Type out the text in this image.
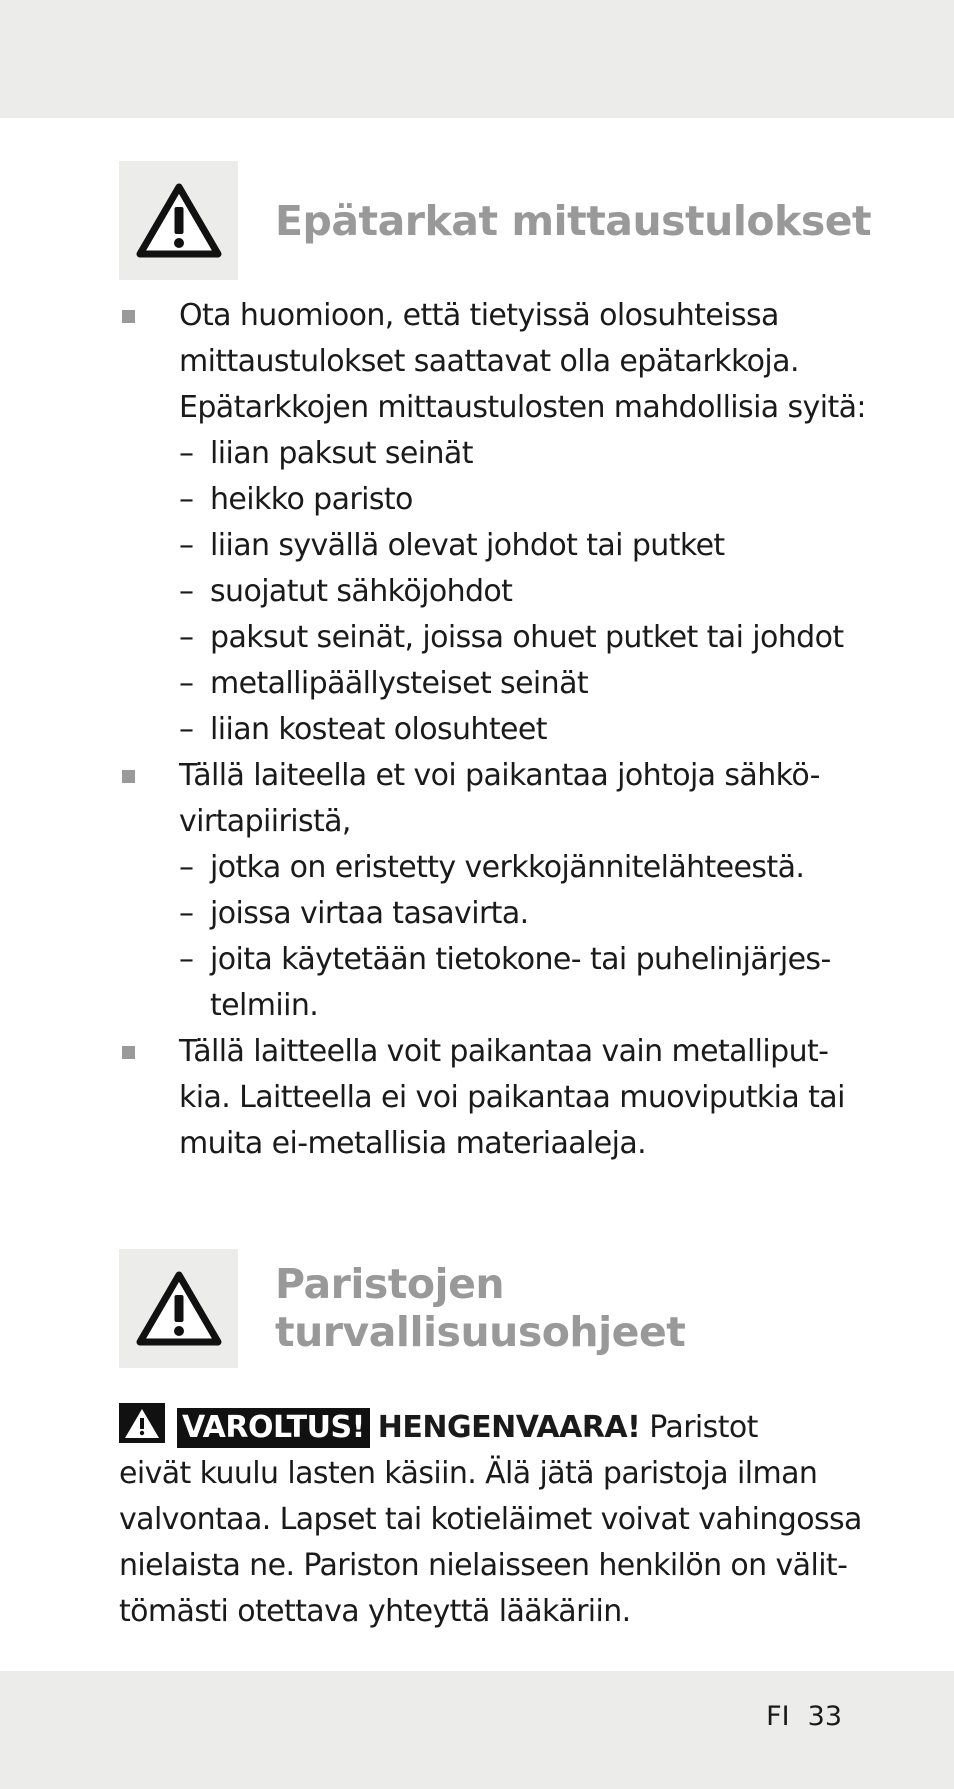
Epätarkat mittaustulokset
Ota huomioon, että tietyissä olosuhteissa
mittaustulokset saattavat olla epätarkkoja.
Epätarkkojen mittaustulosten mahdollisia syitä:
– liian paksut seinät
– heikko paristo
– liian syvällä olevat johdot tai putket
– suojatut sähköjohdot
– paksut seinät, joissa ohuet putket tai johdot
– metallipäällysteiset seinät
– liian kosteat olosuhteet
Tällä laiteella et voi paikantaa johtoja sähkö-
virtapiiristä,
– jotka on eristetty verkkojännitelähteestä.
– joissa virtaa tasavirta.
– joita käytetään tietokone- tai puhelinjärjes-
telmiin.
Tällä laitteella voit paikantaa vain metalliput-
kia. Laitteella ei voi paikantaa muoviputkia tai
muita ei-metallisia materiaaleja.
Paristojen
turvallisuusohjeet
VAROLTUS! HENGENVAARA! Paristot
eivät kuulu lasten käsiin. Älä jätä paristoja ilman
valvontaa. Lapset tai kotieläimet voivat vahingossa
nielaista ne. Pariston nielaisseen henkilön on välit-
tömästi otettava yhteyttä lääkäriin.
FI 33
